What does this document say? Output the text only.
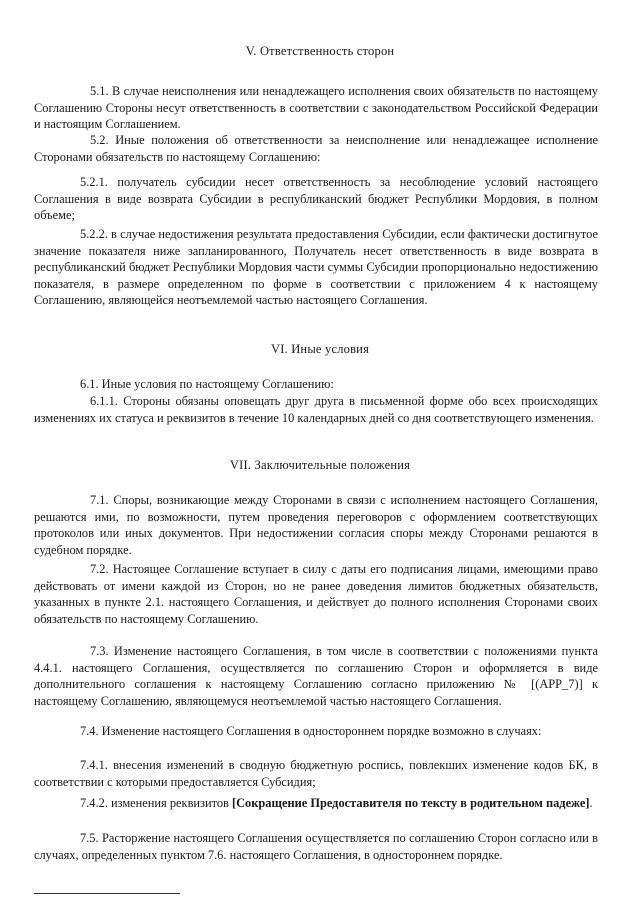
V. Ответственность сторон
5.1. В случае неисполнения или ненадлежащего исполнения своих обязательств по настоящему Соглашению Стороны несут ответственность в соответствии с законодательством Российской Федерации и настоящим Соглашением.
5.2. Иные положения об ответственности за неисполнение или ненадлежащее исполнение Сторонами обязательств по настоящему Соглашению:
5.2.1. получатель субсидии несет ответственность за несоблюдение условий настоящего Соглашения в виде возврата Субсидии в республиканский бюджет Республики Мордовия, в полном объеме;
5.2.2. в случае недостижения результата предоставления Субсидии, если фактически достигнутое значение показателя ниже запланированного, Получатель несет ответственность в виде возврата в республиканский бюджет Республики Мордовия части суммы Субсидии пропорционально недостижению показателя, в размере определенном по форме в соответствии с приложением 4 к настоящему Соглашению, являющейся неотъемлемой частью настоящего Соглашения.
VI. Иные условия
6.1. Иные условия по настоящему Соглашению:
6.1.1. Стороны обязаны оповещать друг друга в письменной форме обо всех происходящих изменениях их статуса и реквизитов в течение 10 календарных дней со дня соответствующего изменения.
VII. Заключительные положения
7.1. Споры, возникающие между Сторонами в связи с исполнением настоящего Соглашения, решаются ими, по возможности, путем проведения переговоров с оформлением соответствующих протоколов или иных документов. При недостижении согласия споры между Сторонами решаются в судебном порядке.
7.2. Настоящее Соглашение вступает в силу с даты его подписания лицами, имеющими право действовать от имени каждой из Сторон, но не ранее доведения лимитов бюджетных обязательств, указанных в пункте 2.1. настоящего Соглашения, и действует до полного исполнения Сторонами своих обязательств по настоящему Соглашению.
7.3. Изменение настоящего Соглашения, в том числе в соответствии с положениями пункта 4.4.1. настоящего Соглашения, осуществляется по соглашению Сторон и оформляется в виде дополнительного соглашения к настоящему Соглашению согласно приложению № [(APP_7)] к настоящему Соглашению, являющемуся неотъемлемой частью настоящего Соглашения.
7.4. Изменение настоящего Соглашения в одностороннем порядке возможно в случаях:
7.4.1. внесения изменений в сводную бюджетную роспись, повлекших изменение кодов БК, в соответствии с которыми предоставляется Субсидия;
7.4.2. изменения реквизитов [Сокращение Предоставителя по тексту в родительном падеже].
7.5. Расторжение настоящего Соглашения осуществляется по соглашению Сторон согласно или в случаях, определенных пунктом 7.6. настоящего Соглашения, в одностороннем порядке.
